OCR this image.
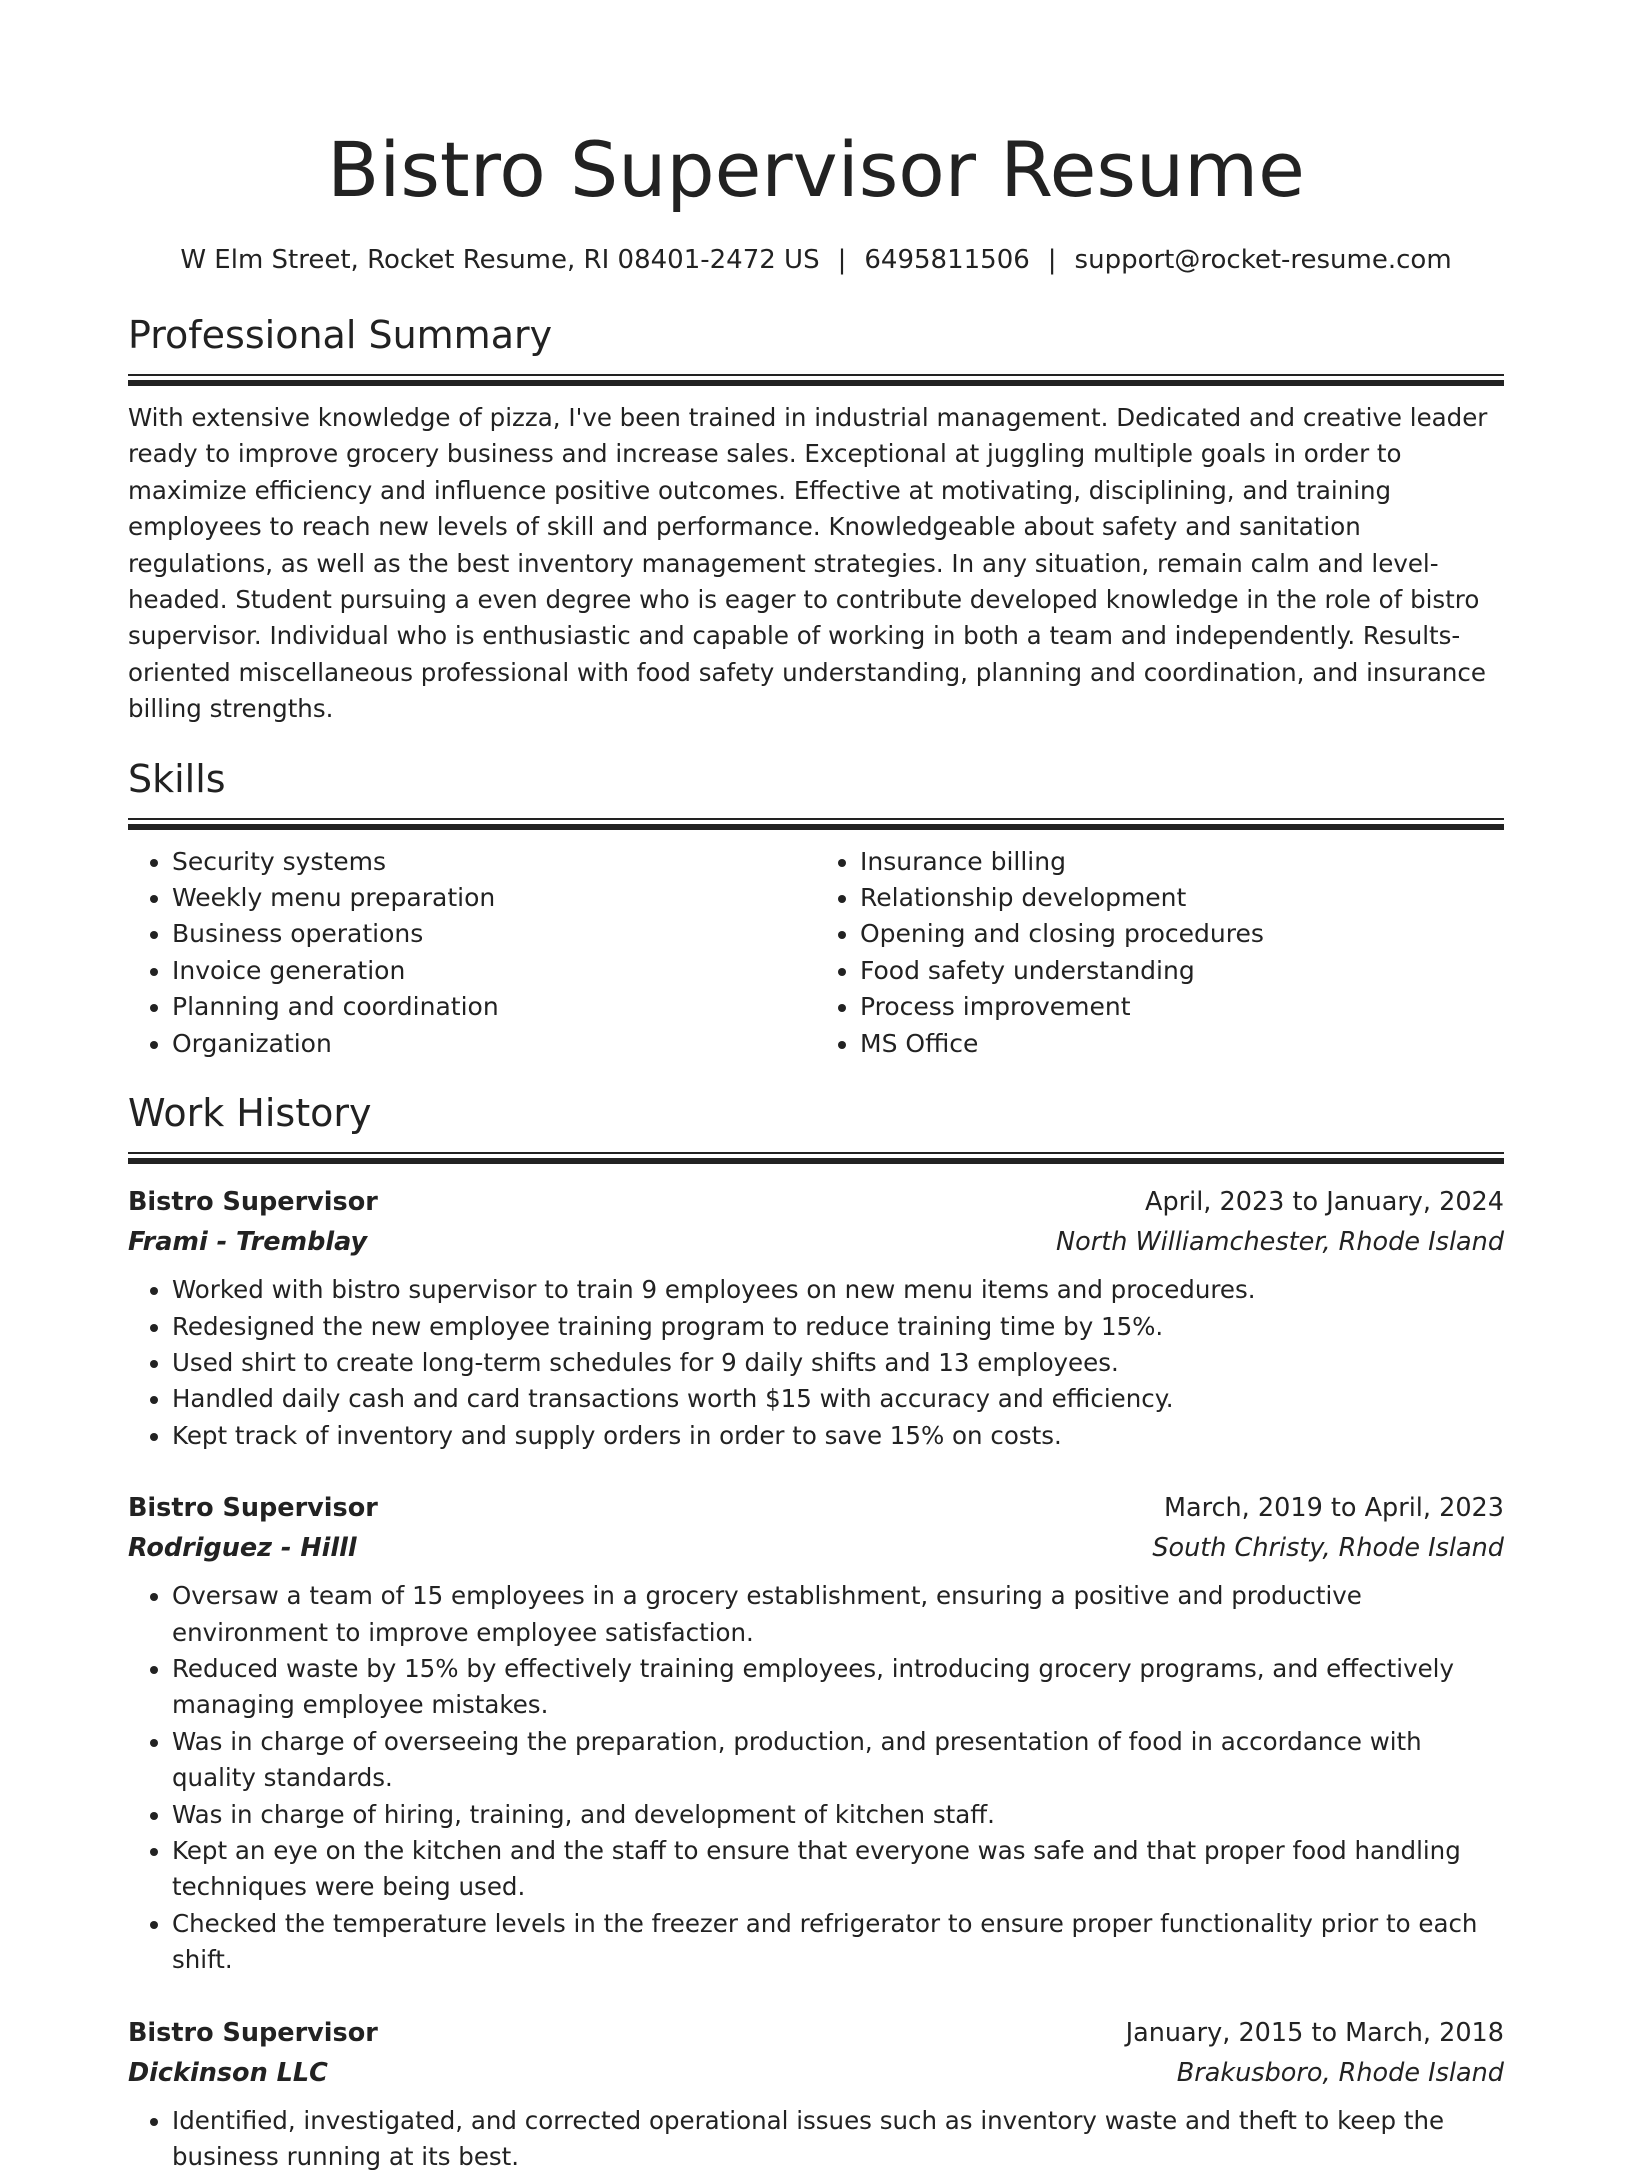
Bistro Supervisor Resume
W Elm Street, Rocket Resume, RI 08401-2472 US | 6495811506 | support@rocket-resume.com
Professional Summary
With extensive knowledge of pizza, I've been trained in industrial management. Dedicated and creative leader ready to improve grocery business and increase sales. Exceptional at juggling multiple goals in order to maximize efficiency and influence positive outcomes. Effective at motivating, disciplining, and training employees to reach new levels of skill and performance. Knowledgeable about safety and sanitation regulations, as well as the best inventory management strategies. In any situation, remain calm and level-headed. Student pursuing a even degree who is eager to contribute developed knowledge in the role of bistro supervisor. Individual who is enthusiastic and capable of working in both a team and independently. Results-oriented miscellaneous professional with food safety understanding, planning and coordination, and insurance billing strengths.
Skills
• Security systems
• Weekly menu preparation
• Business operations
• Invoice generation
• Planning and coordination
• Organization
• Insurance billing
• Relationship development
• Opening and closing procedures
• Food safety understanding
• Process improvement
• MS Office
Work History
Bistro Supervisor	April, 2023 to January, 2024
Frami - Tremblay	North Williamchester, Rhode Island
• Worked with bistro supervisor to train 9 employees on new menu items and procedures.
• Redesigned the new employee training program to reduce training time by 15%.
• Used shirt to create long-term schedules for 9 daily shifts and 13 employees.
• Handled daily cash and card transactions worth $15 with accuracy and efficiency.
• Kept track of inventory and supply orders in order to save 15% on costs.
Bistro Supervisor	March, 2019 to April, 2023
Rodriguez - Hilll	South Christy, Rhode Island
• Oversaw a team of 15 employees in a grocery establishment, ensuring a positive and productive environment to improve employee satisfaction.
• Reduced waste by 15% by effectively training employees, introducing grocery programs, and effectively managing employee mistakes.
• Was in charge of overseeing the preparation, production, and presentation of food in accordance with quality standards.
• Was in charge of hiring, training, and development of kitchen staff.
• Kept an eye on the kitchen and the staff to ensure that everyone was safe and that proper food handling techniques were being used.
• Checked the temperature levels in the freezer and refrigerator to ensure proper functionality prior to each shift.
Bistro Supervisor	January, 2015 to March, 2018
Dickinson LLC	Brakusboro, Rhode Island
• Identified, investigated, and corrected operational issues such as inventory waste and theft to keep the business running at its best.
